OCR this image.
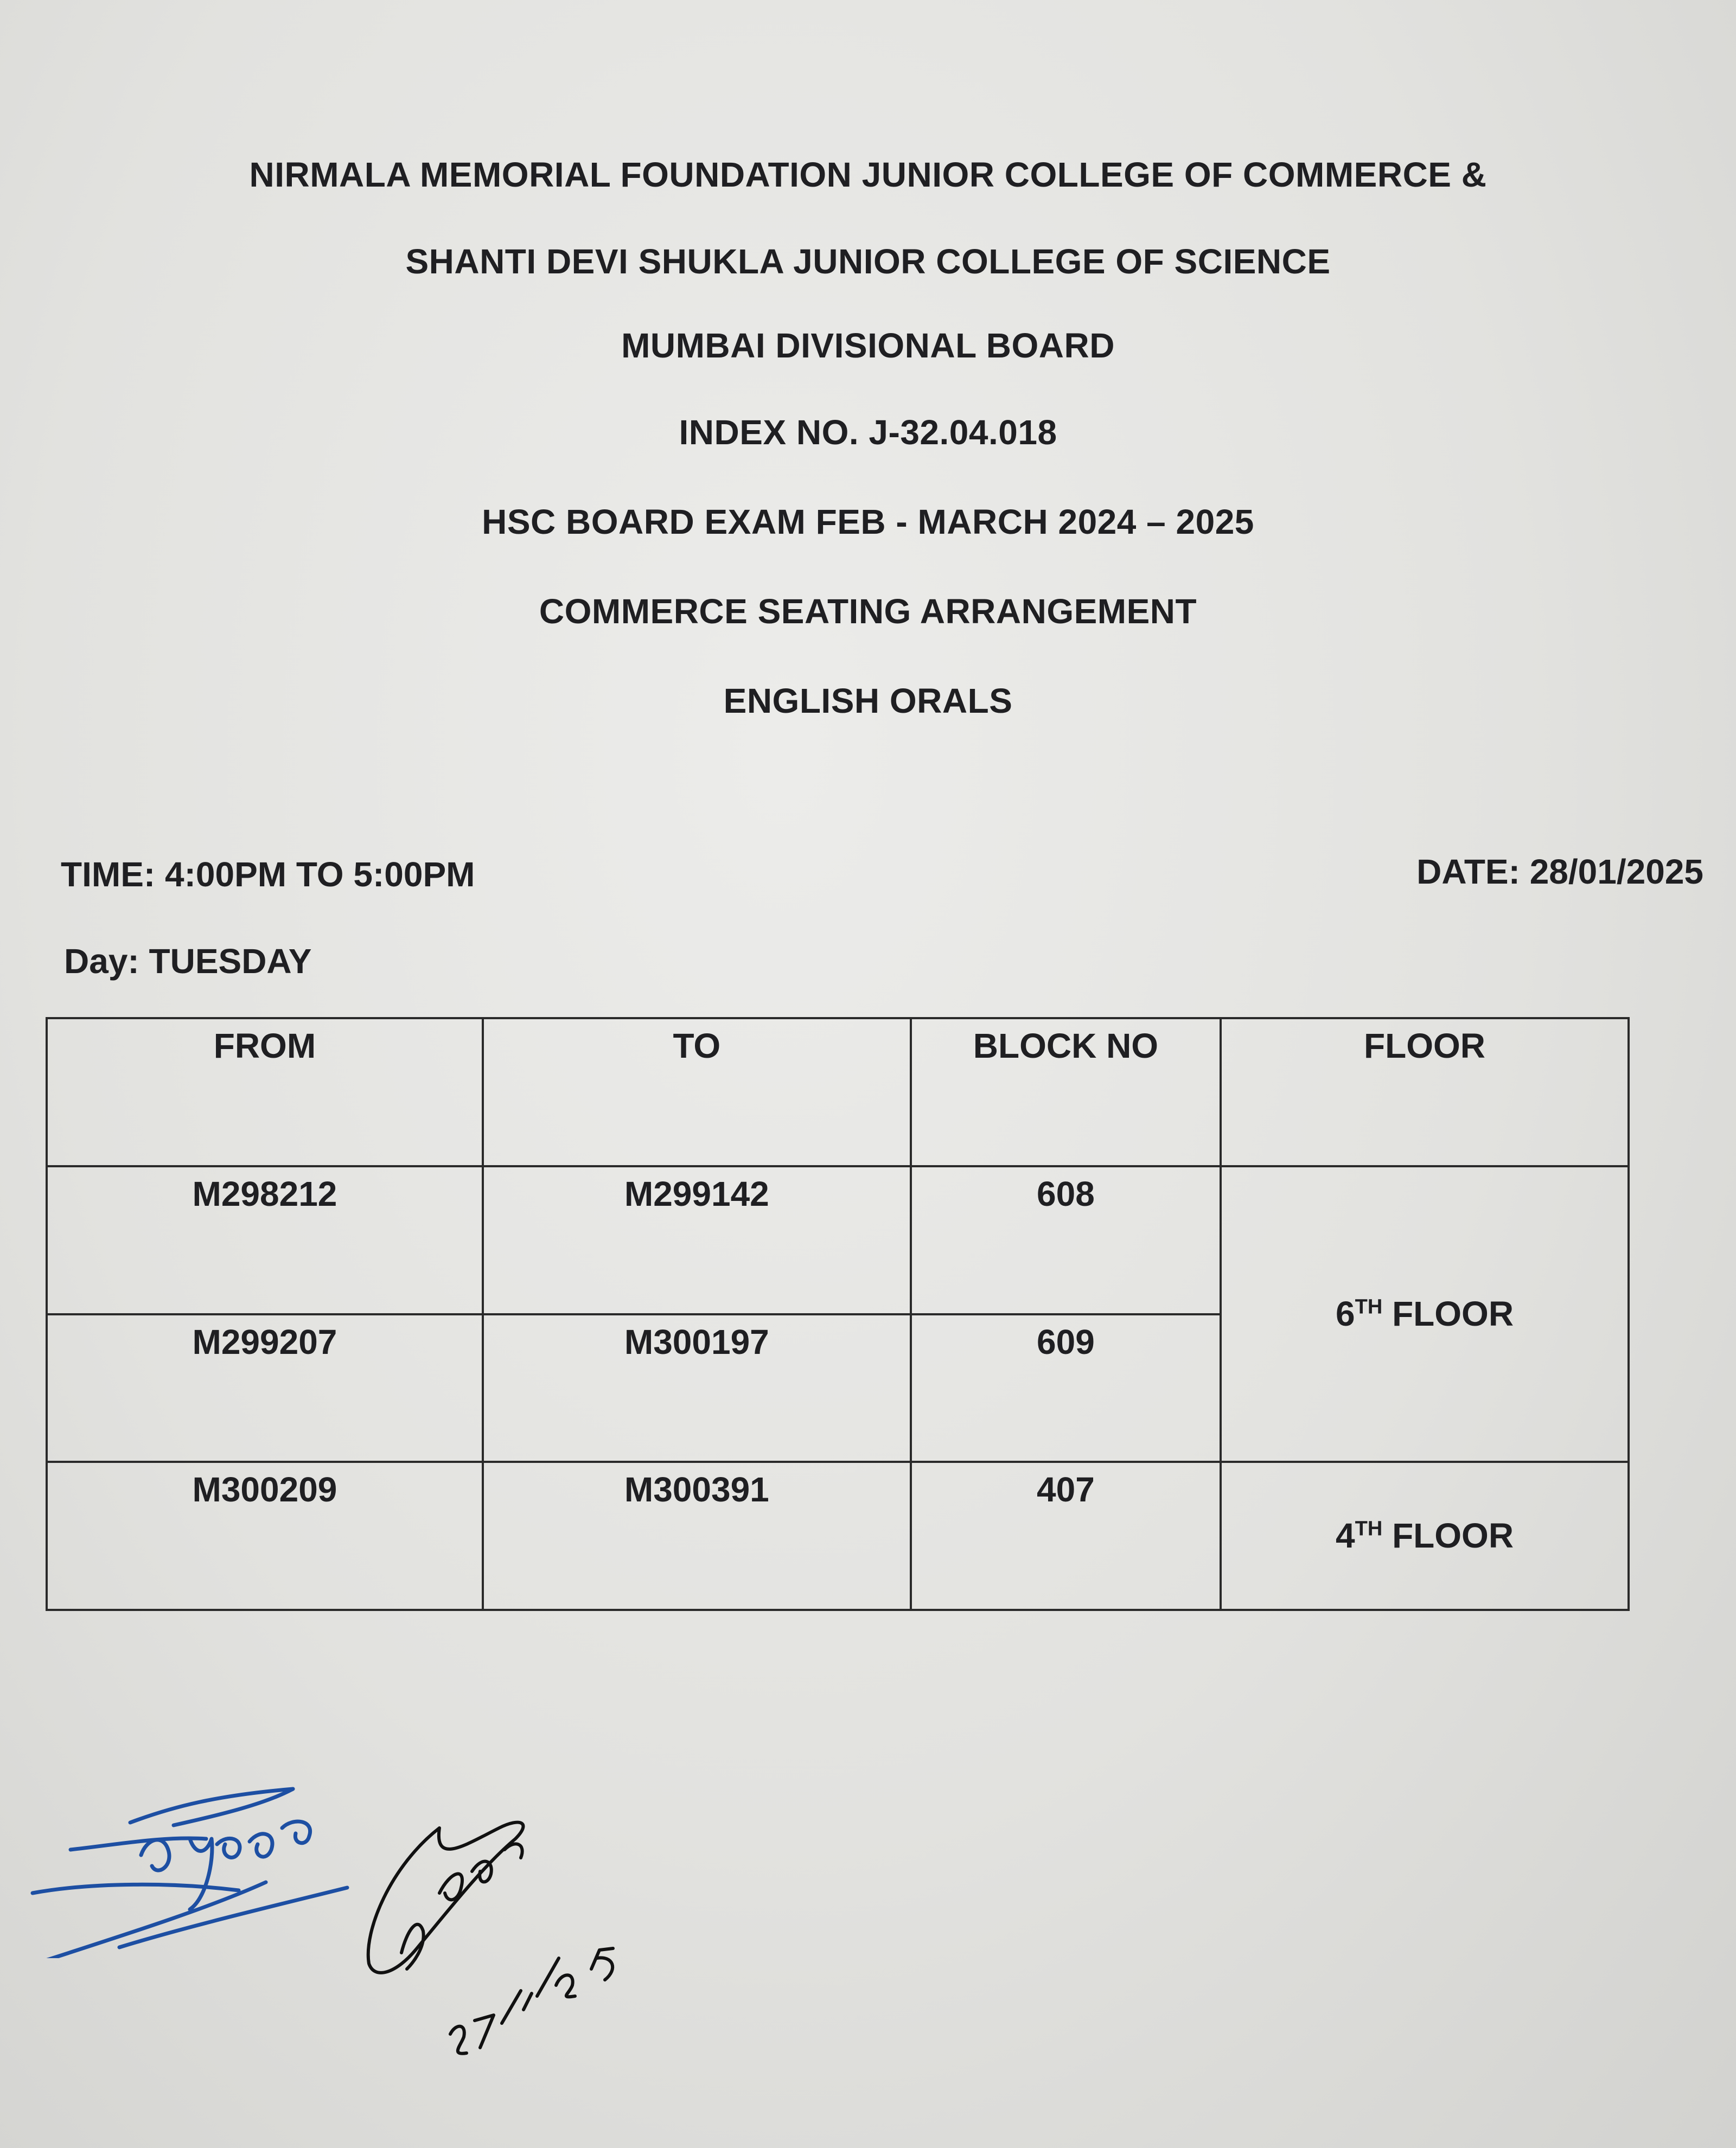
NIRMALA MEMORIAL FOUNDATION JUNIOR COLLEGE OF COMMERCE &
SHANTI DEVI SHUKLA JUNIOR COLLEGE OF SCIENCE
MUMBAI DIVISIONAL BOARD
INDEX NO. J-32.04.018
HSC BOARD EXAM FEB - MARCH 2024 – 2025
COMMERCE SEATING ARRANGEMENT
ENGLISH ORALS
TIME: 4:00PM TO 5:00PM	DATE: 28/01/2025
Day: TUESDAY
FROM	TO	BLOCK NO	FLOOR
M298212	M299142	608	6TH FLOOR
M299207	M300197	609	
M300209	M300391	407	4TH FLOOR
